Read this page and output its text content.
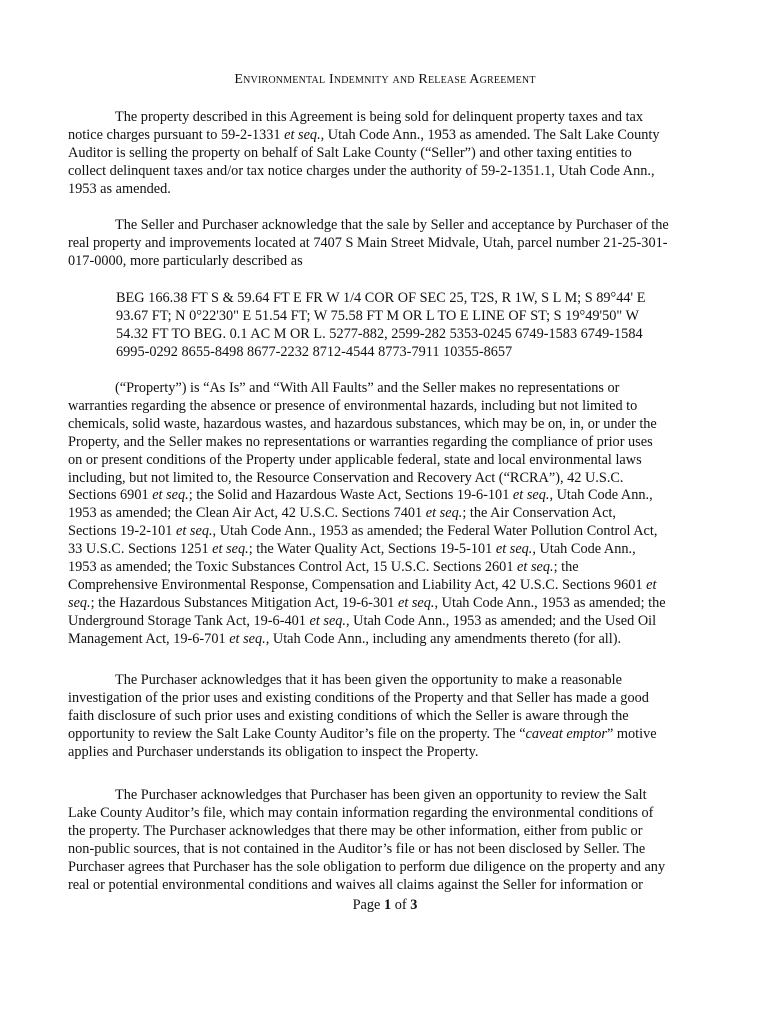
Environmental Indemnity and Release Agreement
The property described in this Agreement is being sold for delinquent property taxes and tax
notice charges pursuant to 59-2-1331 et seq., Utah Code Ann., 1953 as amended. The Salt Lake County
Auditor is selling the property on behalf of Salt Lake County (“Seller”) and other taxing entities to
collect delinquent taxes and/or tax notice charges under the authority of 59-2-1351.1, Utah Code Ann.,
1953 as amended.
The Seller and Purchaser acknowledge that the sale by Seller and acceptance by Purchaser of the
real property and improvements located at 7407 S Main Street Midvale, Utah, parcel number 21-25-301-
017-0000, more particularly described as
BEG 166.38 FT S & 59.64 FT E FR W 1/4 COR OF SEC 25, T2S, R 1W, S L M; S 89°44' E
93.67 FT; N 0°22'30" E 51.54 FT; W 75.58 FT M OR L TO E LINE OF ST; S 19°49'50" W
54.32 FT TO BEG. 0.1 AC M OR L. 5277-882, 2599-282 5353-0245 6749-1583 6749-1584
6995-0292 8655-8498 8677-2232 8712-4544 8773-7911 10355-8657
(“Property”) is “As Is” and “With All Faults” and the Seller makes no representations or
warranties regarding the absence or presence of environmental hazards, including but not limited to
chemicals, solid waste, hazardous wastes, and hazardous substances, which may be on, in, or under the
Property, and the Seller makes no representations or warranties regarding the compliance of prior uses
on or present conditions of the Property under applicable federal, state and local environmental laws
including, but not limited to, the Resource Conservation and Recovery Act (“RCRA”), 42 U.S.C.
Sections 6901 et seq.; the Solid and Hazardous Waste Act, Sections 19-6-101 et seq., Utah Code Ann.,
1953 as amended; the Clean Air Act, 42 U.S.C. Sections 7401 et seq.; the Air Conservation Act,
Sections 19-2-101 et seq., Utah Code Ann., 1953 as amended; the Federal Water Pollution Control Act,
33 U.S.C. Sections 1251 et seq.; the Water Quality Act, Sections 19-5-101 et seq., Utah Code Ann.,
1953 as amended; the Toxic Substances Control Act, 15 U.S.C. Sections 2601 et seq.; the
Comprehensive Environmental Response, Compensation and Liability Act, 42 U.S.C. Sections 9601 et
seq.; the Hazardous Substances Mitigation Act, 19-6-301 et seq., Utah Code Ann., 1953 as amended; the
Underground Storage Tank Act, 19-6-401 et seq., Utah Code Ann., 1953 as amended; and the Used Oil
Management Act, 19-6-701 et seq., Utah Code Ann., including any amendments thereto (for all).
The Purchaser acknowledges that it has been given the opportunity to make a reasonable
investigation of the prior uses and existing conditions of the Property and that Seller has made a good
faith disclosure of such prior uses and existing conditions of which the Seller is aware through the
opportunity to review the Salt Lake County Auditor’s file on the property. The “caveat emptor” motive
applies and Purchaser understands its obligation to inspect the Property.
The Purchaser acknowledges that Purchaser has been given an opportunity to review the Salt
Lake County Auditor’s file, which may contain information regarding the environmental conditions of
the property. The Purchaser acknowledges that there may be other information, either from public or
non-public sources, that is not contained in the Auditor’s file or has not been disclosed by Seller. The
Purchaser agrees that Purchaser has the sole obligation to perform due diligence on the property and any
real or potential environmental conditions and waives all claims against the Seller for information or
Page 1 of 3
